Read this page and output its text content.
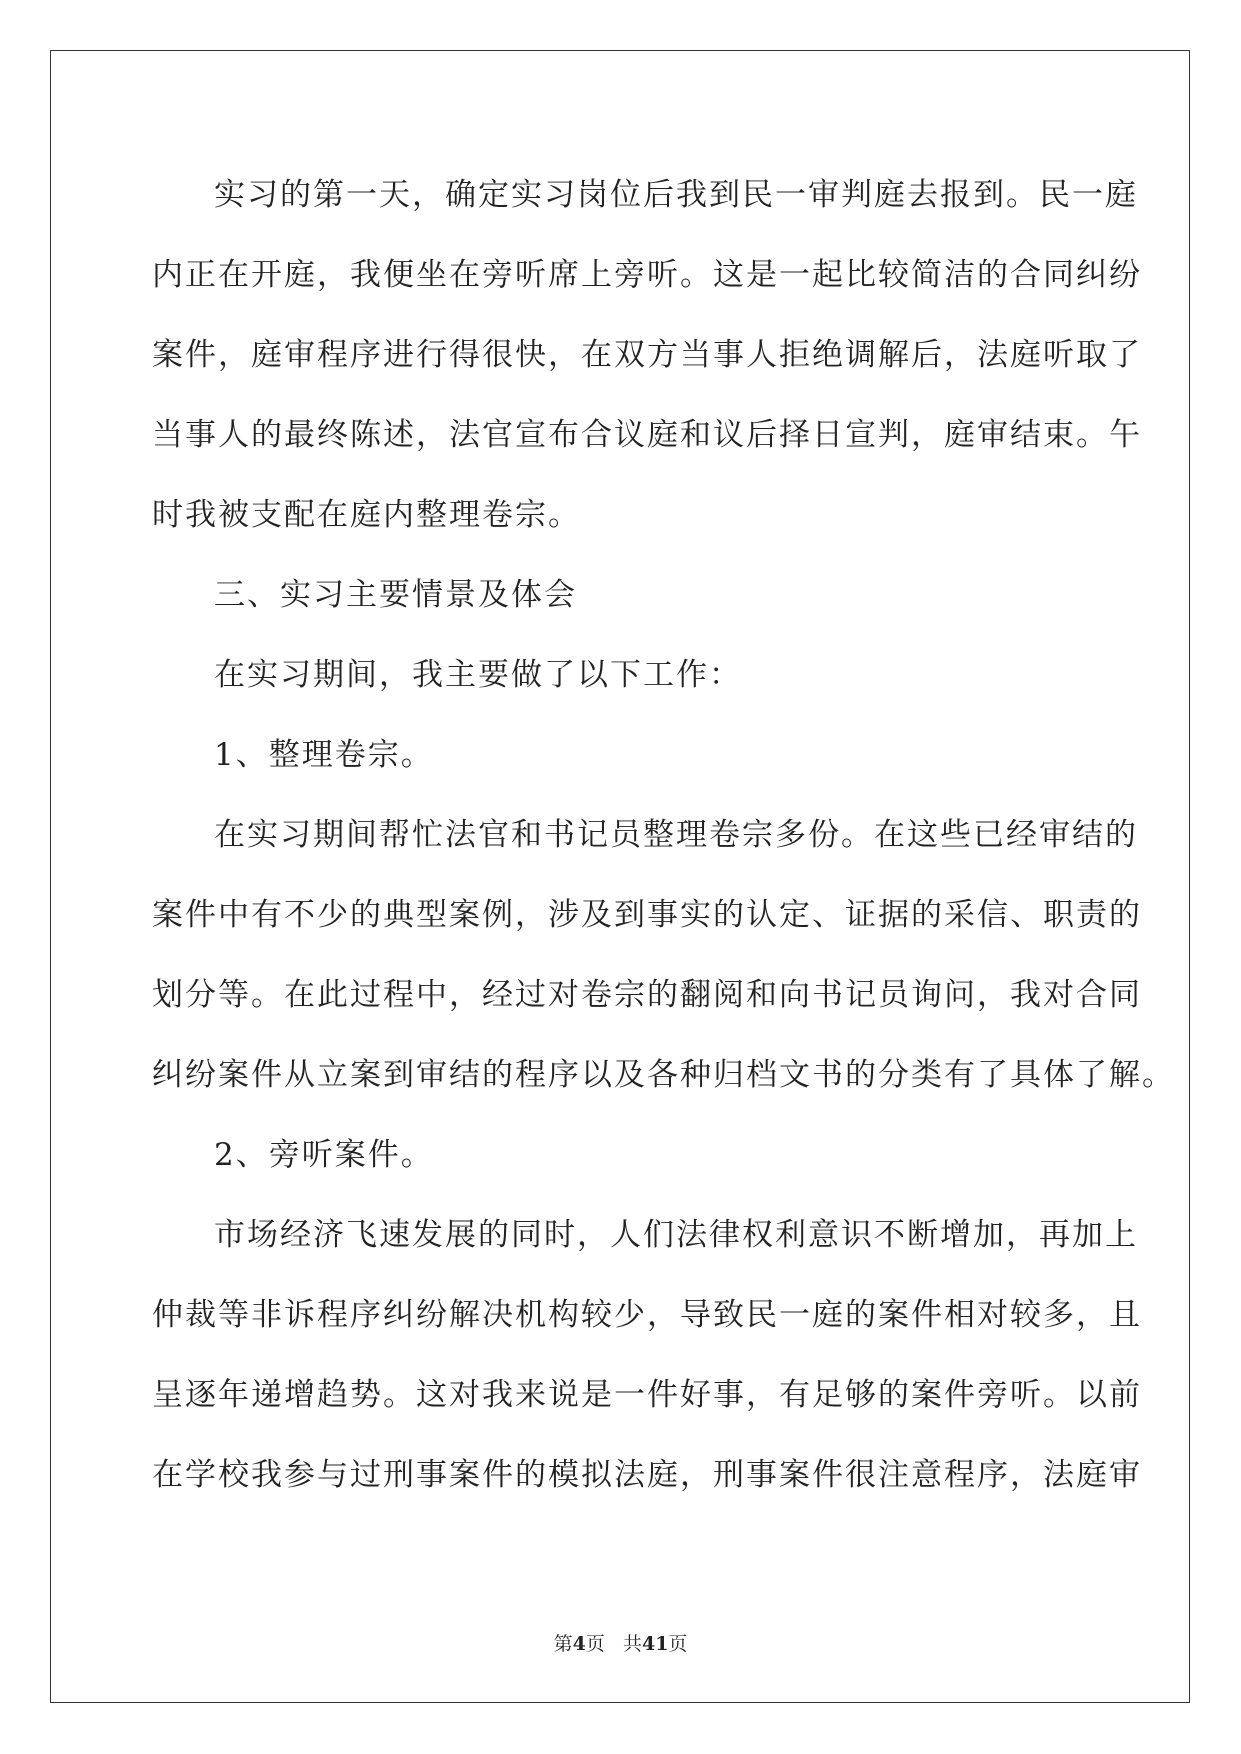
实习的第一天，确定实习岗位后我到民一审判庭去报到。民一庭
内正在开庭，我便坐在旁听席上旁听。这是一起比较简洁的合同纠纷
案件，庭审程序进行得很快，在双方当事人拒绝调解后，法庭听取了
当事人的最终陈述，法官宣布合议庭和议后择日宣判，庭审结束。午
时我被支配在庭内整理卷宗。
三、实习主要情景及体会
在实习期间，我主要做了以下工作：
1、整理卷宗。
在实习期间帮忙法官和书记员整理卷宗多份。在这些已经审结的
案件中有不少的典型案例，涉及到事实的认定、证据的采信、职责的
划分等。在此过程中，经过对卷宗的翻阅和向书记员询问，我对合同
纠纷案件从立案到审结的程序以及各种归档文书的分类有了具体了解。
2、旁听案件。
市场经济飞速发展的同时，人们法律权利意识不断增加，再加上
仲裁等非诉程序纠纷解决机构较少，导致民一庭的案件相对较多，且
呈逐年递增趋势。这对我来说是一件好事，有足够的案件旁听。以前
在学校我参与过刑事案件的模拟法庭，刑事案件很注意程序，法庭审
第4页 共41页
